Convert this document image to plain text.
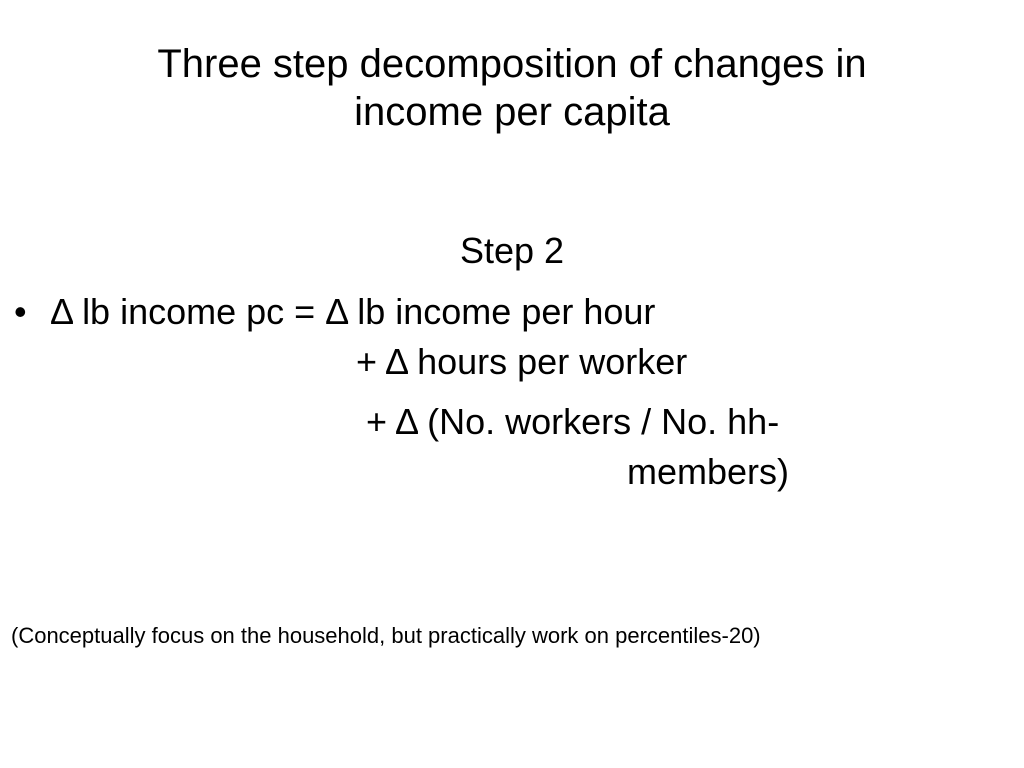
Three step decomposition of changes in
income per capita
Step 2
• Δ lb income pc = Δ lb income per hour
+ Δ hours per worker
+ Δ (No. workers / No. hh-
members)
(Conceptually focus on the household, but practically work on percentiles-20)
